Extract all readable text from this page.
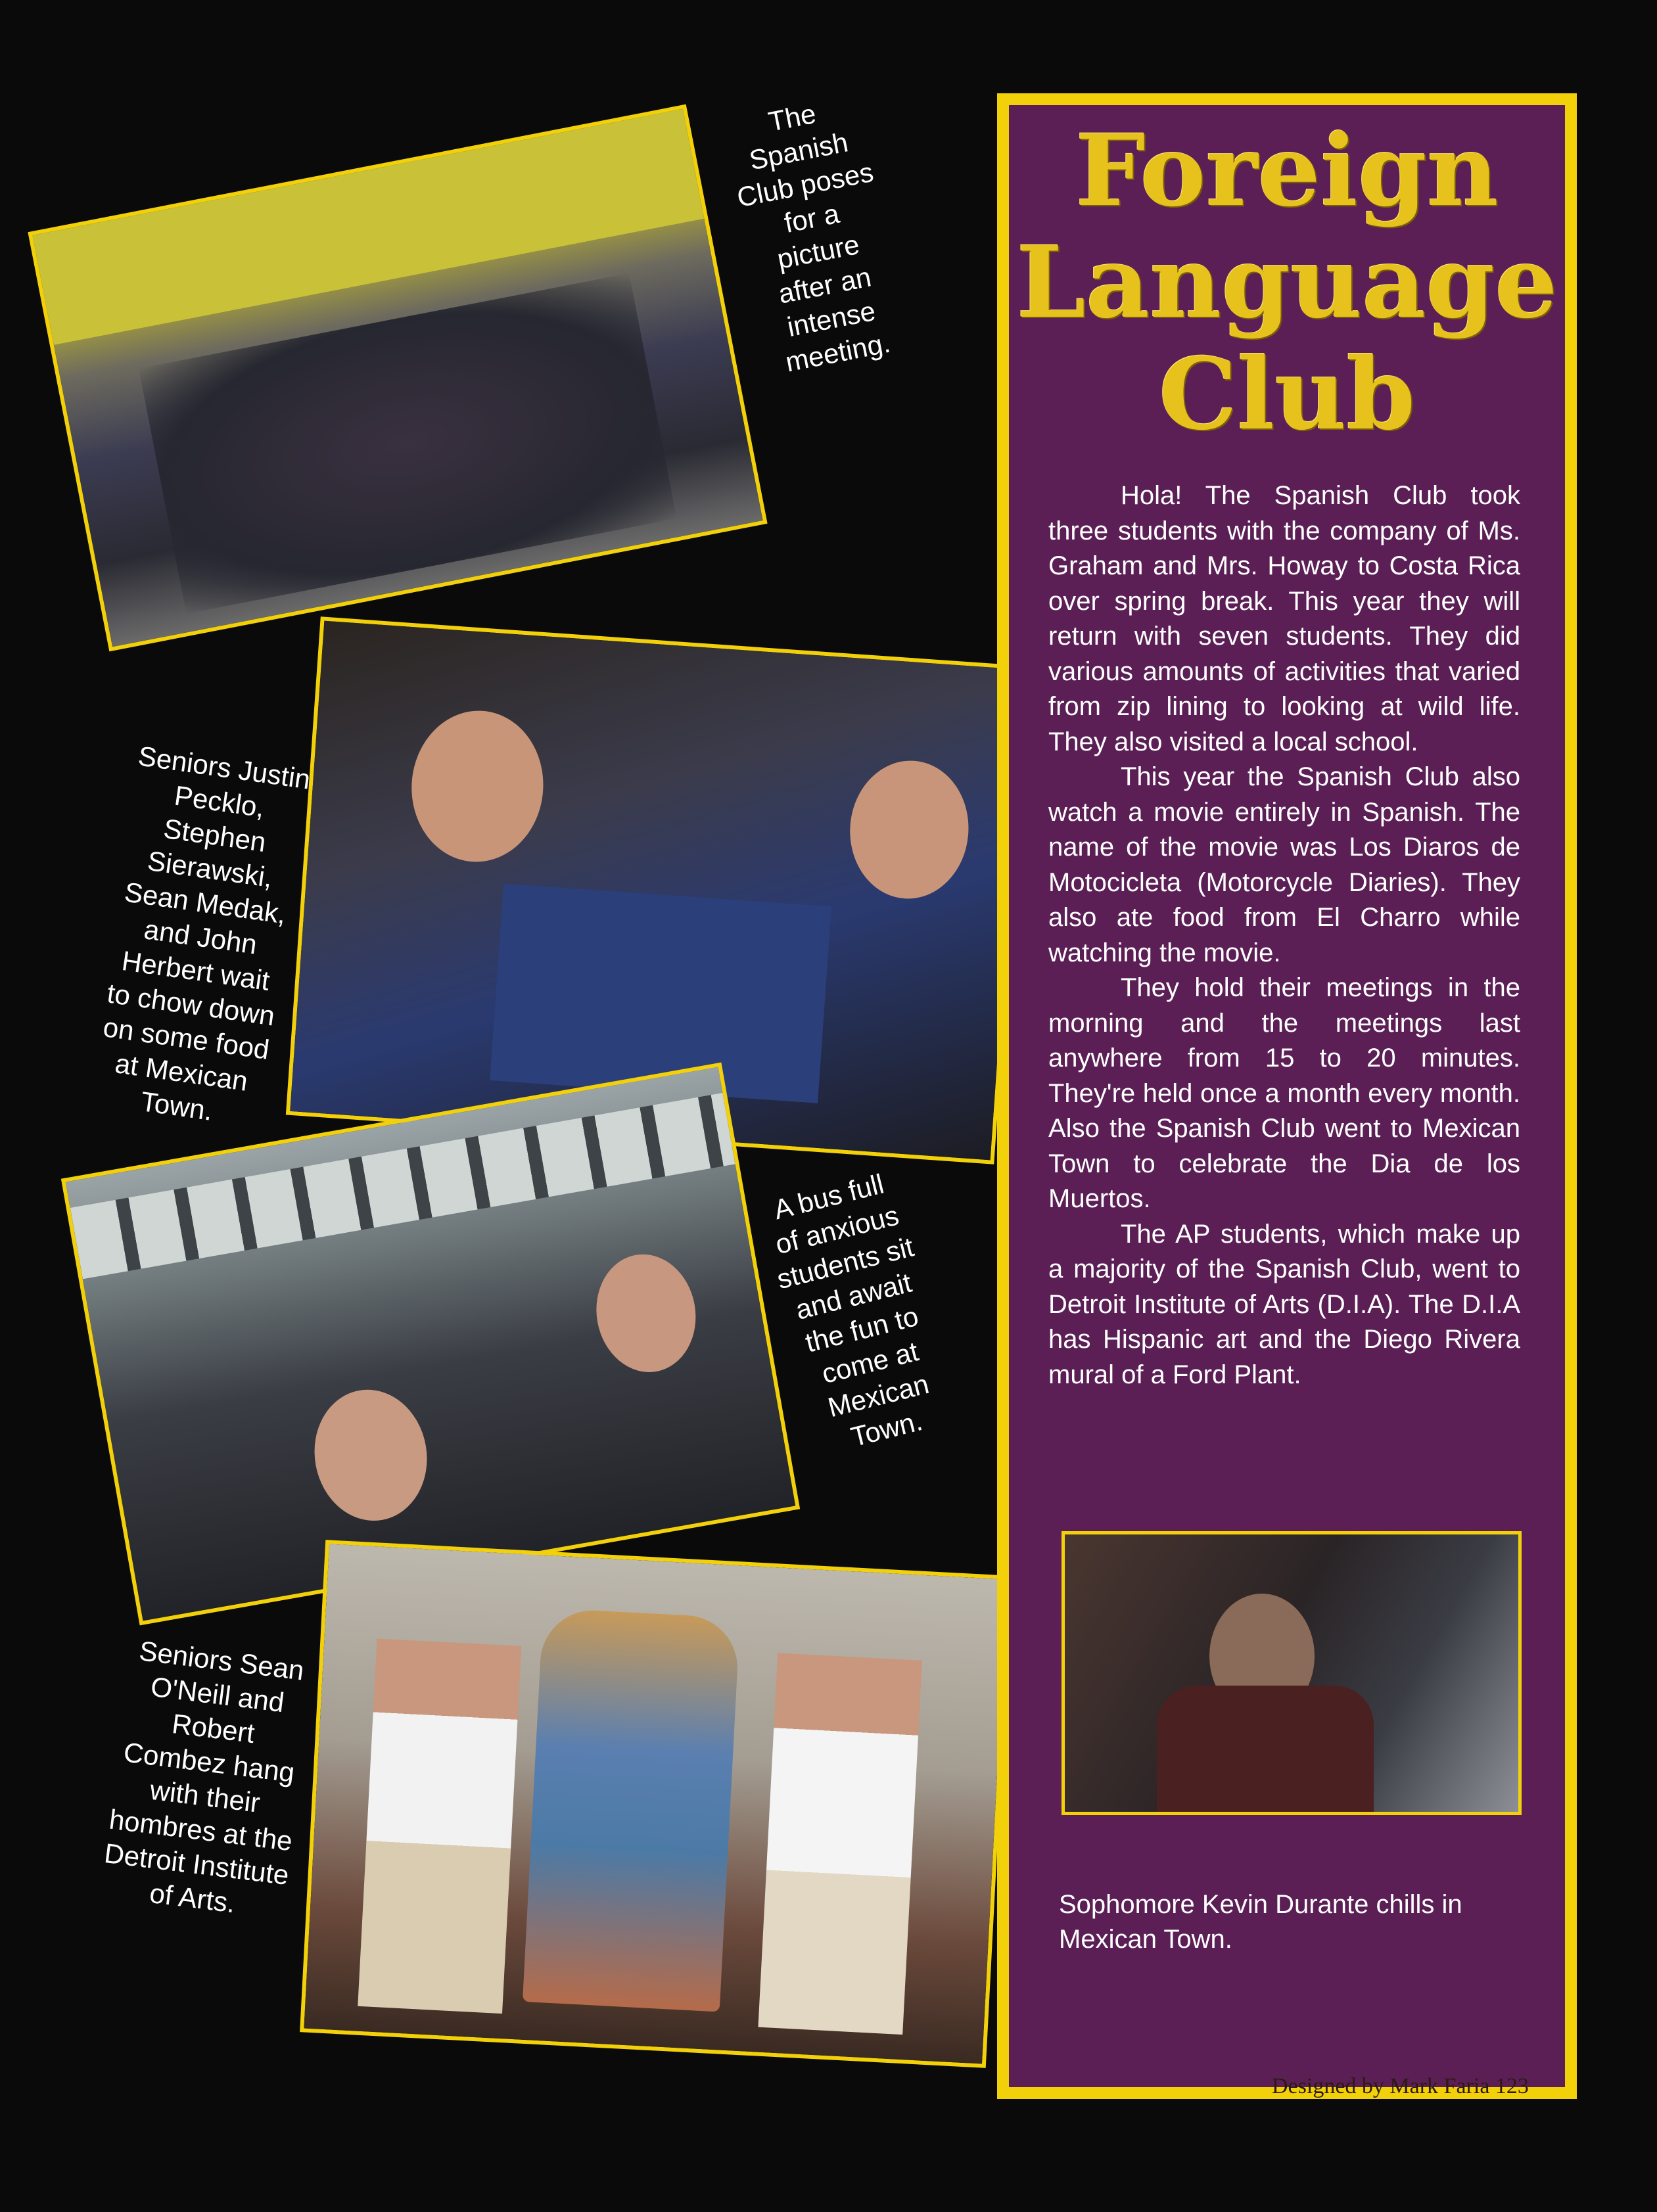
The
Spanish
Club poses
for a
picture
after an
intense
meeting.
Seniors Justin
Pecklo,
Stephen
Sierawski,
Sean Medak,
and John
Herbert wait
to chow down
on some food
at Mexican
Town.
A bus full
of anxious
students sit
and await
the fun to
come at
Mexican
Town.
Seniors Sean
O'Neill and
Robert
Combez hang
with their
hombres at the
Detroit Institute
of Arts.
Foreign
Language
Club

Hola! The Spanish Club took three students with the company of Ms. Graham and Mrs. Howay to Costa Rica over spring break. This year they will return with seven students. They did various amounts of activities that varied from zip lining to looking at wild life. They also visited a local school.

This year the Spanish Club also watch a movie entirely in Spanish. The name of the movie was Los Diaros de Motocicleta (Motorcycle Diaries). They also ate food from El Charro while watching the movie.

They hold their meetings in the morning and the meetings last anywhere from 15 to 20 minutes. They're held once a month every month. Also the Spanish Club went to Mexican Town to celebrate the Dia de los Muertos.

The AP students, which make up a majority of the Spanish Club, went to Detroit Institute of Arts (D.I.A). The D.I.A has Hispanic art and the Diego Rivera mural of a Ford Plant.

Sophomore Kevin Durante chills in Mexican Town.
Designed by Mark Faria 123
